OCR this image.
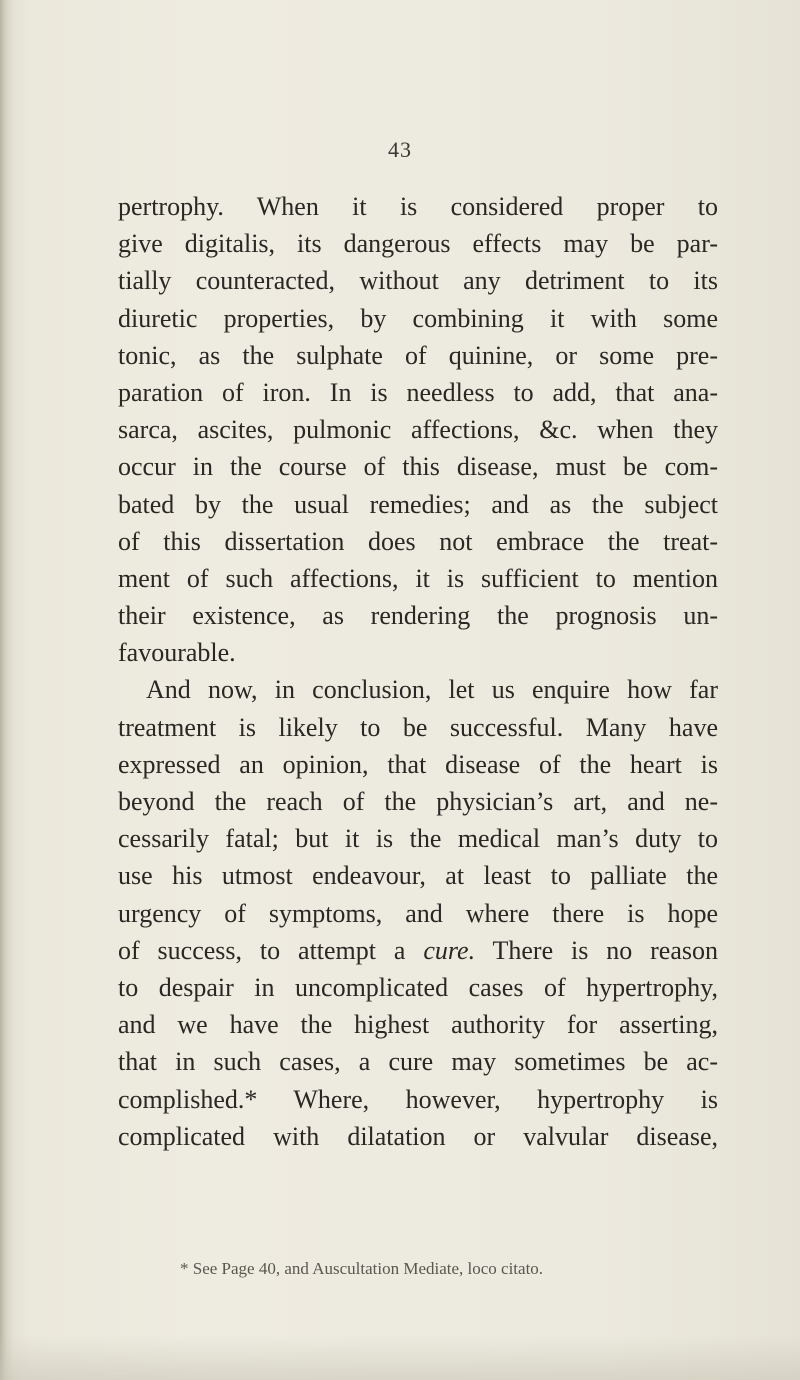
43
pertrophy. When it is considered proper to
give digitalis, its dangerous effects may be par-
tially counteracted, without any detriment to its
diuretic properties, by combining it with some
tonic, as the sulphate of quinine, or some pre-
paration of iron. In is needless to add, that ana-
sarca, ascites, pulmonic affections, &c. when they
occur in the course of this disease, must be com-
bated by the usual remedies; and as the subject
of this dissertation does not embrace the treat-
ment of such affections, it is sufficient to mention
their existence, as rendering the prognosis un-
favourable.
And now, in conclusion, let us enquire how far
treatment is likely to be successful. Many have
expressed an opinion, that disease of the heart is
beyond the reach of the physician’s art, and ne-
cessarily fatal; but it is the medical man’s duty to
use his utmost endeavour, at least to palliate the
urgency of symptoms, and where there is hope
of success, to attempt a cure. There is no reason
to despair in uncomplicated cases of hypertrophy,
and we have the highest authority for asserting,
that in such cases, a cure may sometimes be ac-
complished.* Where, however, hypertrophy is
complicated with dilatation or valvular disease,
* See Page 40, and Auscultation Mediate, loco citato.
